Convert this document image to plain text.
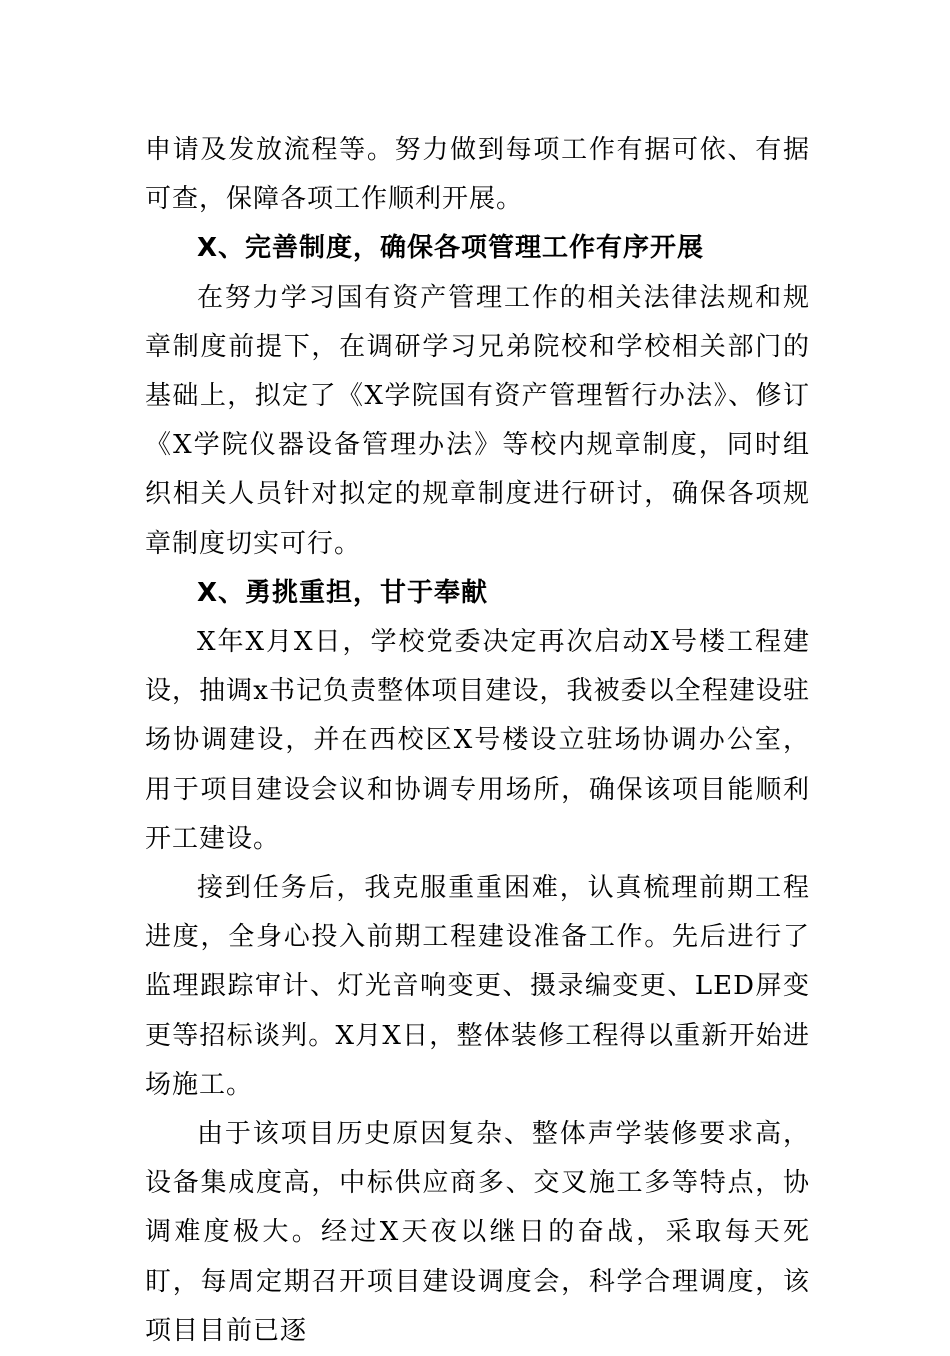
申请及发放流程等。努力做到每项工作有据可依、有据可查，保障各项工作顺利开展。

X、完善制度，确保各项管理工作有序开展

在努力学习国有资产管理工作的相关法律法规和规章制度前提下，在调研学习兄弟院校和学校相关部门的基础上，拟定了《X学院国有资产管理暂行办法》、修订《X学院仪器设备管理办法》等校内规章制度，同时组织相关人员针对拟定的规章制度进行研讨，确保各项规章制度切实可行。

X、勇挑重担，甘于奉献

X年X月X日，学校党委决定再次启动X号楼工程建设，抽调x书记负责整体项目建设，我被委以全程建设驻场协调建设，并在西校区X号楼设立驻场协调办公室，用于项目建设会议和协调专用场所，确保该项目能顺利开工建设。

接到任务后，我克服重重困难，认真梳理前期工程进度，全身心投入前期工程建设准备工作。先后进行了监理跟踪审计、灯光音响变更、摄录编变更、LED屏变更等招标谈判。X月X日，整体装修工程得以重新开始进场施工。

由于该项目历史原因复杂、整体声学装修要求高，设备集成度高，中标供应商多、交叉施工多等特点，协调难度极大。经过X天夜以继日的奋战，采取每天死盯，每周定期召开项目建设调度会，科学合理调度，该项目目前已逐
